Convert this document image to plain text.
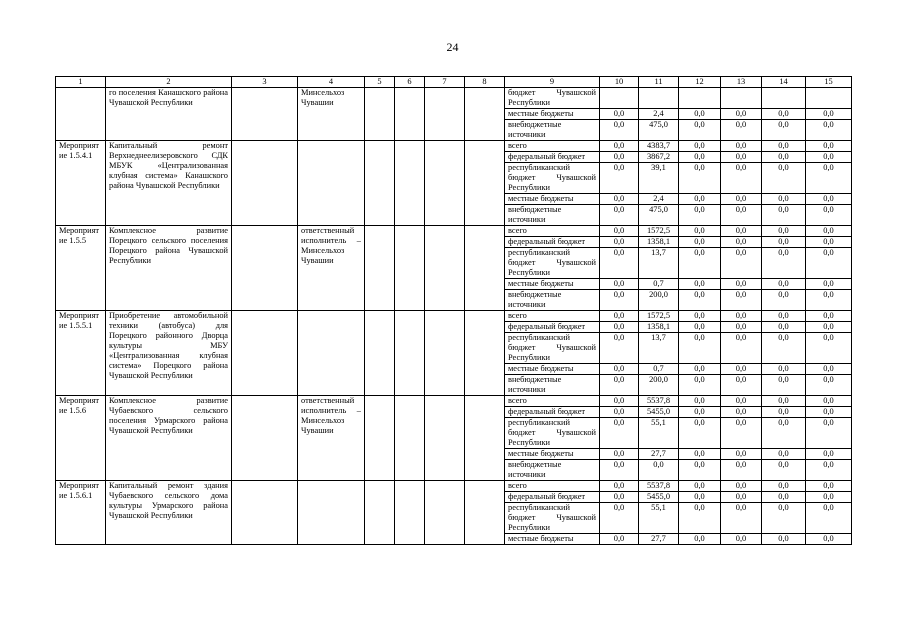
24
1	2	3	4	5	6	7	8	9	10	11	12	13	14	15
	го поселения Канашского района Чувашской Республики		Минсельхоз Чувашии					бюджет Чувашской Республики						
								местные бюджеты	0,0	2,4	0,0	0,0	0,0	0,0
								внебюджетные источники	0,0	475,0	0,0	0,0	0,0	0,0
Мероприятие 1.5.4.1	Капитальный ремонт Верхнеднеелизеровского СДК МБУК «Централизованная клубная система» Канашского района Чувашской Республики							всего	0,0	4383,7	0,0	0,0	0,0	0,0
								федеральный бюджет	0,0	3867,2	0,0	0,0	0,0	0,0
								республиканский бюджет Чувашской Республики	0,0	39,1	0,0	0,0	0,0	0,0
								местные бюджеты	0,0	2,4	0,0	0,0	0,0	0,0
								внебюджетные источники	0,0	475,0	0,0	0,0	0,0	0,0
Мероприятие 1.5.5	Комплексное развитие Порецкого сельского поселения Порецкого района Чувашской Республики		ответственный исполнитель – Минсельхоз Чувашии					всего	0,0	1572,5	0,0	0,0	0,0	0,0
								федеральный бюджет	0,0	1358,1	0,0	0,0	0,0	0,0
								республиканский бюджет Чувашской Республики	0,0	13,7	0,0	0,0	0,0	0,0
								местные бюджеты	0,0	0,7	0,0	0,0	0,0	0,0
								внебюджетные источники	0,0	200,0	0,0	0,0	0,0	0,0
Мероприятие 1.5.5.1	Приобретение автомобильной техники (автобуса) для Порецкого районного Дворца культуры МБУ «Централизованная клубная система» Порецкого района Чувашской Республики							всего	0,0	1572,5	0,0	0,0	0,0	0,0
								федеральный бюджет	0,0	1358,1	0,0	0,0	0,0	0,0
								республиканский бюджет Чувашской Республики	0,0	13,7	0,0	0,0	0,0	0,0
								местные бюджеты	0,0	0,7	0,0	0,0	0,0	0,0
								внебюджетные источники	0,0	200,0	0,0	0,0	0,0	0,0
Мероприятие 1.5.6	Комплексное развитие Чубаевского сельского поселения Урмарского района Чувашской Республики		ответственный исполнитель – Минсельхоз Чувашии					всего	0,0	5537,8	0,0	0,0	0,0	0,0
								федеральный бюджет	0,0	5455,0	0,0	0,0	0,0	0,0
								республиканский бюджет Чувашской Республики	0,0	55,1	0,0	0,0	0,0	0,0
								местные бюджеты	0,0	27,7	0,0	0,0	0,0	0,0
								внебюджетные источники	0,0	0,0	0,0	0,0	0,0	0,0
Мероприятие 1.5.6.1	Капитальный ремонт здания Чубаевского сельского дома культуры Урмарского района Чувашской Республики							всего	0,0	5537,8	0,0	0,0	0,0	0,0
								федеральный бюджет	0,0	5455,0	0,0	0,0	0,0	0,0
								республиканский бюджет Чувашской Республики	0,0	55,1	0,0	0,0	0,0	0,0
								местные бюджеты	0,0	27,7	0,0	0,0	0,0	0,0
